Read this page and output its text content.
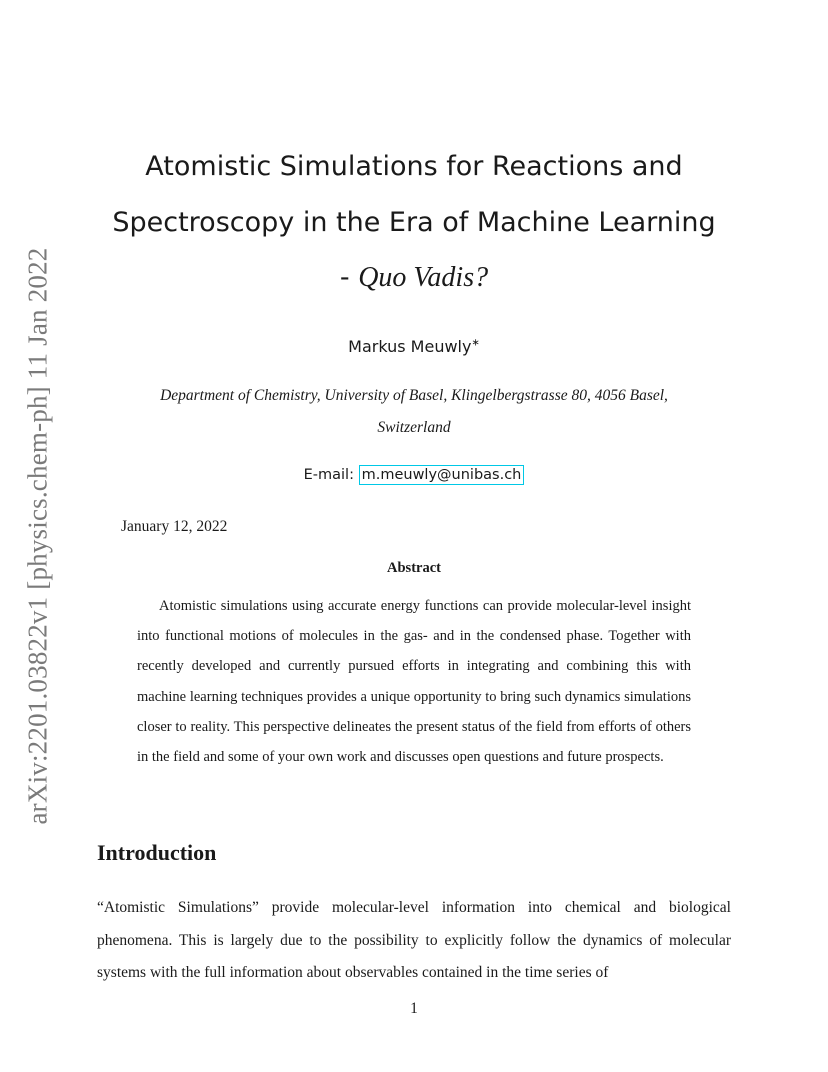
arXiv:2201.03822v1 [physics.chem-ph] 11 Jan 2022
Atomistic Simulations for Reactions and
Spectroscopy in the Era of Machine Learning
- Quo Vadis?
Markus Meuwly∗
Department of Chemistry, University of Basel, Klingelbergstrasse 80, 4056 Basel,
Switzerland
E-mail: m.meuwly@unibas.ch
January 12, 2022
Abstract

Atomistic simulations using accurate energy functions can provide molecular-level insight into functional motions of molecules in the gas- and in the condensed phase. Together with recently developed and currently pursued efforts in integrating and combining this with machine learning techniques provides a unique opportunity to bring such dynamics simulations closer to reality. This perspective delineates the present status of the field from efforts of others in the field and some of your own work and discusses open questions and future prospects.

Introduction

“Atomistic Simulations” provide molecular-level information into chemical and biological phenomena. This is largely due to the possibility to explicitly follow the dynamics of molecular systems with the full information about observables contained in the time series of

1
